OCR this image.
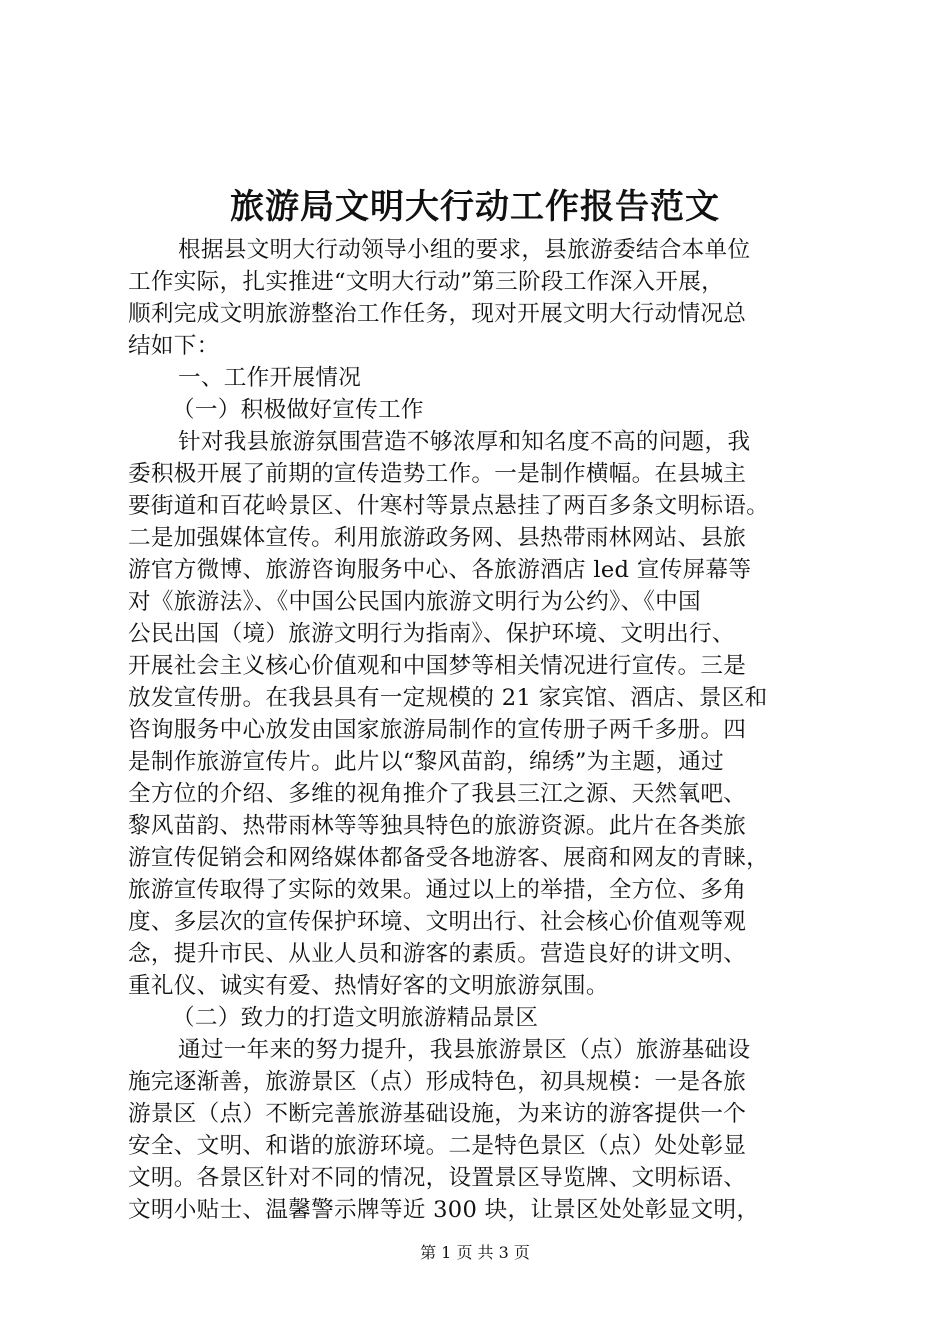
旅游局文明大行动工作报告范文
根据县文明大行动领导小组的要求，县旅游委结合本单位
工作实际，扎实推进“文明大行动”第三阶段工作深入开展，
顺利完成文明旅游整治工作任务，现对开展文明大行动情况总
结如下：
一、工作开展情况
（一）积极做好宣传工作
针对我县旅游氛围营造不够浓厚和知名度不高的问题，我
委积极开展了前期的宣传造势工作。一是制作横幅。在县城主
要街道和百花岭景区、什寒村等景点悬挂了两百多条文明标语。
二是加强媒体宣传。利用旅游政务网、县热带雨林网站、县旅
游官方微博、旅游咨询服务中心、各旅游酒店 led 宣传屏幕等
对《旅游法》、《中国公民国内旅游文明行为公约》、《中国
公民出国（境）旅游文明行为指南》、保护环境、文明出行、
开展社会主义核心价值观和中国梦等相关情况进行宣传。三是
放发宣传册。在我县具有一定规模的 21 家宾馆、酒店、景区和
咨询服务中心放发由国家旅游局制作的宣传册子两千多册。四
是制作旅游宣传片。此片以“黎风苗韵，绵绣”为主题，通过
全方位的介绍、多维的视角推介了我县三江之源、天然氧吧、
黎风苗韵、热带雨林等等独具特色的旅游资源。此片在各类旅
游宣传促销会和网络媒体都备受各地游客、展商和网友的青睐，
旅游宣传取得了实际的效果。通过以上的举措，全方位、多角
度、多层次的宣传保护环境、文明出行、社会核心价值观等观
念，提升市民、从业人员和游客的素质。营造良好的讲文明、
重礼仪、诚实有爱、热情好客的文明旅游氛围。
（二）致力的打造文明旅游精品景区
通过一年来的努力提升，我县旅游景区（点）旅游基础设
施完逐渐善，旅游景区（点）形成特色，初具规模：一是各旅
游景区（点）不断完善旅游基础设施，为来访的游客提供一个
安全、文明、和谐的旅游环境。二是特色景区（点）处处彰显
文明。各景区针对不同的情况，设置景区导览牌、文明标语、
文明小贴士、温馨警示牌等近 300 块，让景区处处彰显文明，
第 1 页 共 3 页
